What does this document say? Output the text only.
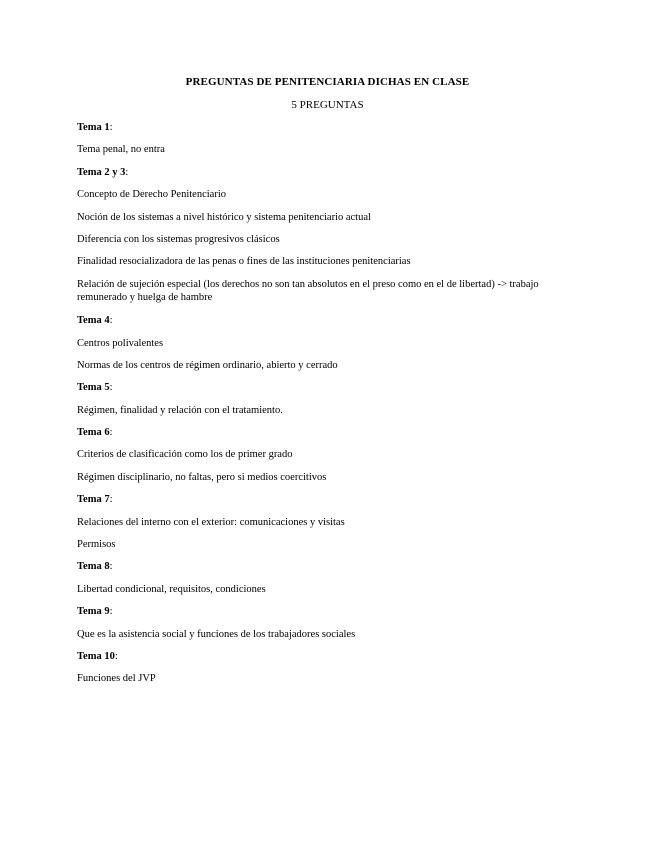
PREGUNTAS DE PENITENCIARIA DICHAS EN CLASE
5 PREGUNTAS
Tema 1:
Tema penal, no entra
Tema 2 y 3:
Concepto de Derecho Penitenciario
Noción de los sistemas a nivel histórico y sistema penitenciario actual
Diferencia con los sistemas progresivos clásicos
Finalidad resocializadora de las penas o fines de las instituciones penitenciarias
Relación de sujeción especial (los derechos no son tan absolutos en el preso como en el de libertad) -> trabajo remunerado y huelga de hambre
Tema 4:
Centros polivalentes
Normas de los centros de régimen ordinario, abierto y cerrado
Tema 5:
Régimen, finalidad y relación con el tratamiento.
Tema 6:
Criterios de clasificación como los de primer grado
Régimen disciplinario, no faltas, pero si medios coercitivos
Tema 7:
Relaciones del interno con el exterior: comunicaciones y visitas
Permisos
Tema 8:
Libertad condicional, requisitos, condiciones
Tema 9:
Que es la asistencia social y funciones de los trabajadores sociales
Tema 10:
Funciones del JVP
